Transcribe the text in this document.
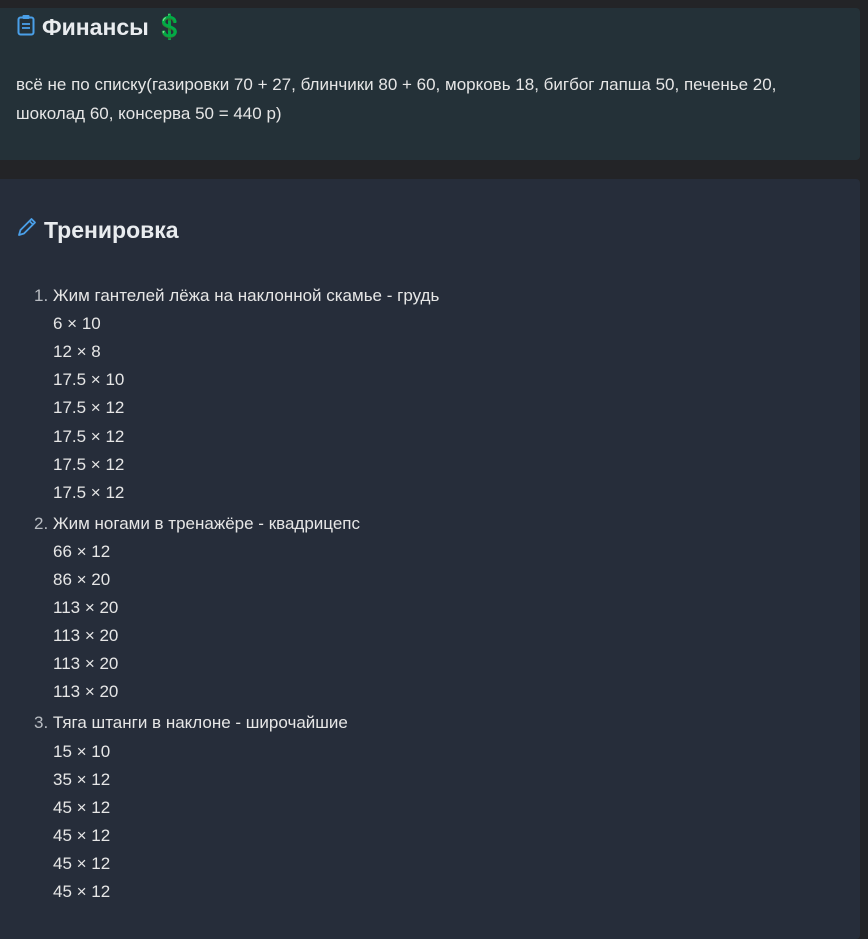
Финансы 💲
всё не по списку(газировки 70 + 27, блинчики 80 + 60, морковь 18, бигбог лапша 50, печенье 20, шоколад 60, консерва 50 = 440 р)
Тренировка
1. Жим гантелей лёжа на наклонной скамье - грудь
6 × 10
12 × 8
17.5 × 10
17.5 × 12
17.5 × 12
17.5 × 12
17.5 × 12
2. Жим ногами в тренажёре - квадрицепс
66 × 12
86 × 20
113 × 20
113 × 20
113 × 20
113 × 20
3. Тяга штанги в наклоне - широчайшие
15 × 10
35 × 12
45 × 12
45 × 12
45 × 12
45 × 12
